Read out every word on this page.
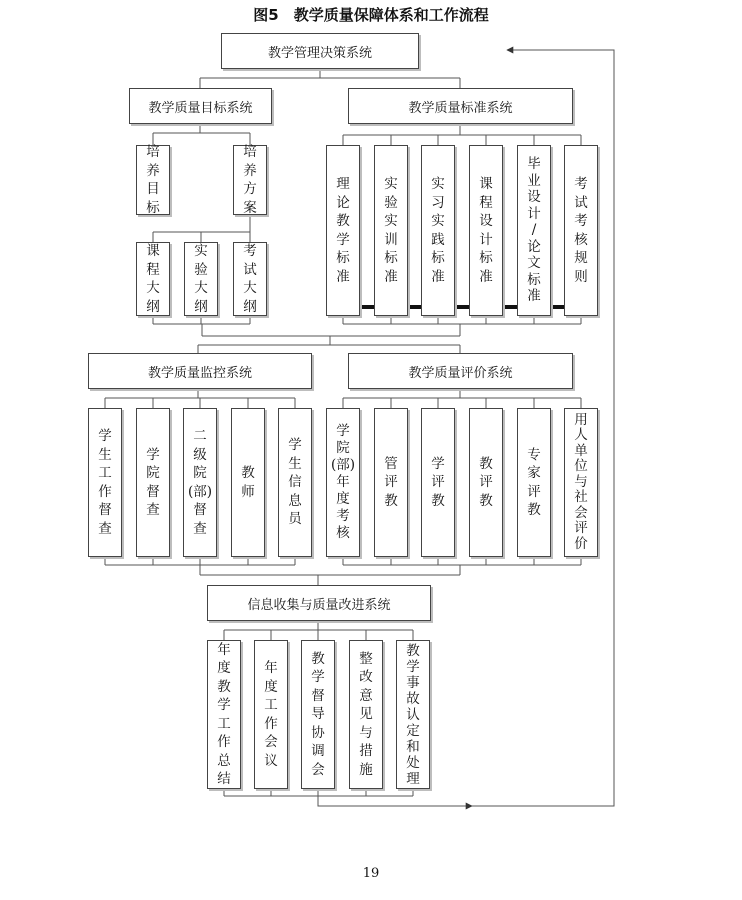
图5　教学质量保障体系和工作流程
教学管理决策系统
教学质量目标系统
培
养
目
标
培
养
方
案
课
程
大
纲
实
验
大
纲
考
试
大
纲
教学质量标准系统
理
论
教
学
标
准
实
验
实
训
标
准
实
习
实
践
标
准
课
程
设
计
标
准
毕
业
设
计
/
论
文
标
准
考
试
考
核
规
则
教学质量监控系统
学
生
工
作
督
查
学
院
督
查
二
级
院
(部)
督
查
教
师
学
生
信
息
员
教学质量评价系统
学
院
(部)
年
度
考
核
管
评
教
学
评
教
教
评
教
专
家
评
教
用
人
单
位
与
社
会
评
价
信息收集与质量改进系统
年
度
教
学
工
作
总
结
年
度
工
作
会
议
教
学
督
导
协
调
会
整
改
意
见
与
措
施
教
学
事
故
认
定
和
处
理
19
